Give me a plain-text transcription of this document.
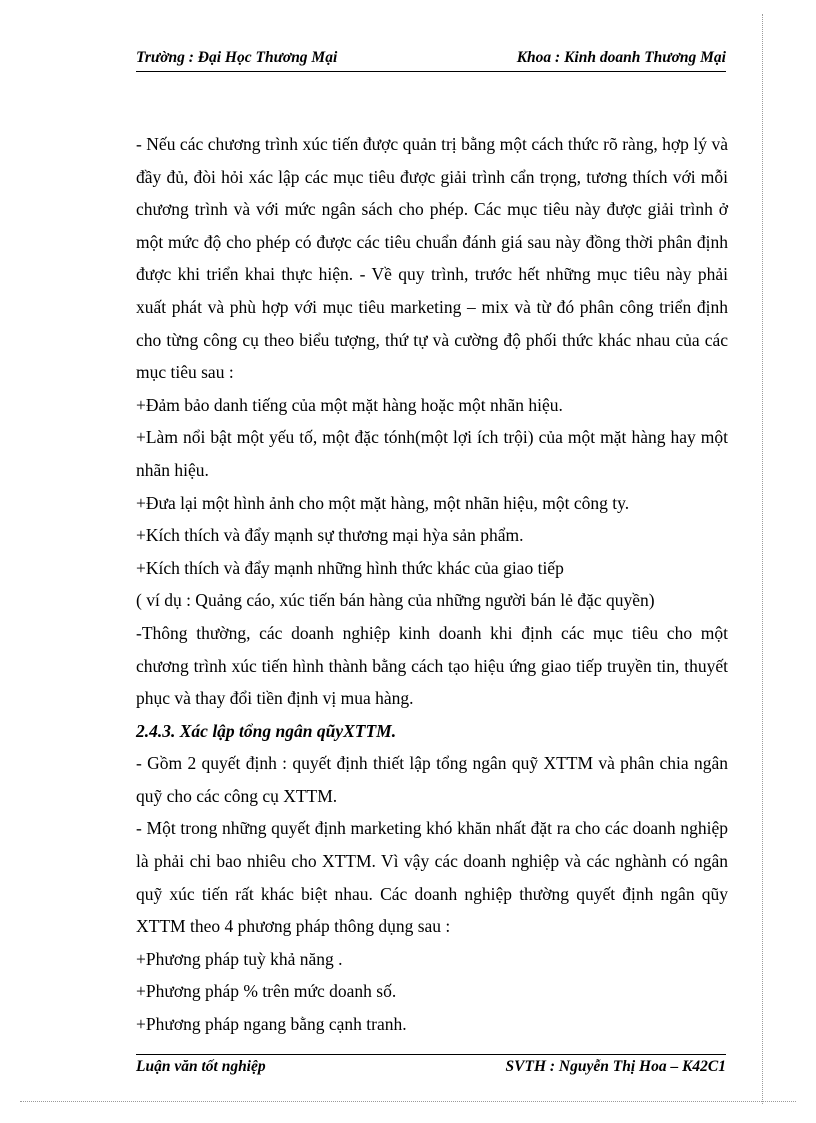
Trường : Đại Học Thương Mại	Khoa : Kinh doanh Thương Mại

- Nếu các chương trình xúc tiến được quản trị bằng một cách thức rõ ràng, hợp lý và đầy đủ, đòi hỏi xác lập các mục tiêu được giải trình cẩn trọng, tương thích với mỗi chương trình và với mức ngân sách cho phép. Các mục tiêu này được giải trình ở một mức độ cho phép có được các tiêu chuẩn đánh giá sau này đồng thời phân định được khi triển khai thực hiện. - Về quy trình, trước hết những mục tiêu này phải xuất phát và phù hợp với mục tiêu marketing – mix và từ đó phân công triển định cho từng công cụ theo biểu tượng, thứ tự và cường độ phối thức khác nhau của các mục tiêu sau :

+Đảm bảo danh tiếng của một mặt hàng hoặc một nhãn hiệu.

+Làm nổi bật một yếu tố, một đặc tónh(một lợi ích trội) của một mặt hàng hay một nhãn hiệu.

+Đưa lại một hình ảnh cho một mặt hàng, một nhãn hiệu, một công ty.

+Kích thích và đẩy mạnh sự thương mại hỳa sản phẩm.

+Kích thích và đẩy mạnh những hình thức khác của giao tiếp

( ví dụ : Quảng cáo, xúc tiến bán hàng của những người bán lẻ đặc quyền)

-Thông thường, các doanh nghiệp kinh doanh khi định các mục tiêu cho một chương trình xúc tiến hình thành bằng cách tạo hiệu ứng giao tiếp truyền tin, thuyết phục và thay đổi tiền định vị mua hàng.

2.4.3. Xác lập tổng ngân qũyXTTM.

- Gồm 2 quyết định : quyết định thiết lập tổng ngân quỹ XTTM và phân chia ngân quỹ cho các công cụ XTTM.

- Một trong những quyết định marketing khó khăn nhất đặt ra cho các doanh nghiệp là phải chi bao nhiêu cho XTTM. Vì vậy các doanh nghiệp và các nghành có ngân quỹ xúc tiến rất khác biệt nhau. Các doanh nghiệp thường quyết định ngân qũy XTTM theo 4 phương pháp thông dụng sau :

+Phương pháp tuỳ khả năng .

+Phương pháp % trên mức doanh số.

+Phương pháp ngang bằng cạnh tranh.

Luận văn tốt nghiệp	SVTH : Nguyễn Thị Hoa – K42C1
